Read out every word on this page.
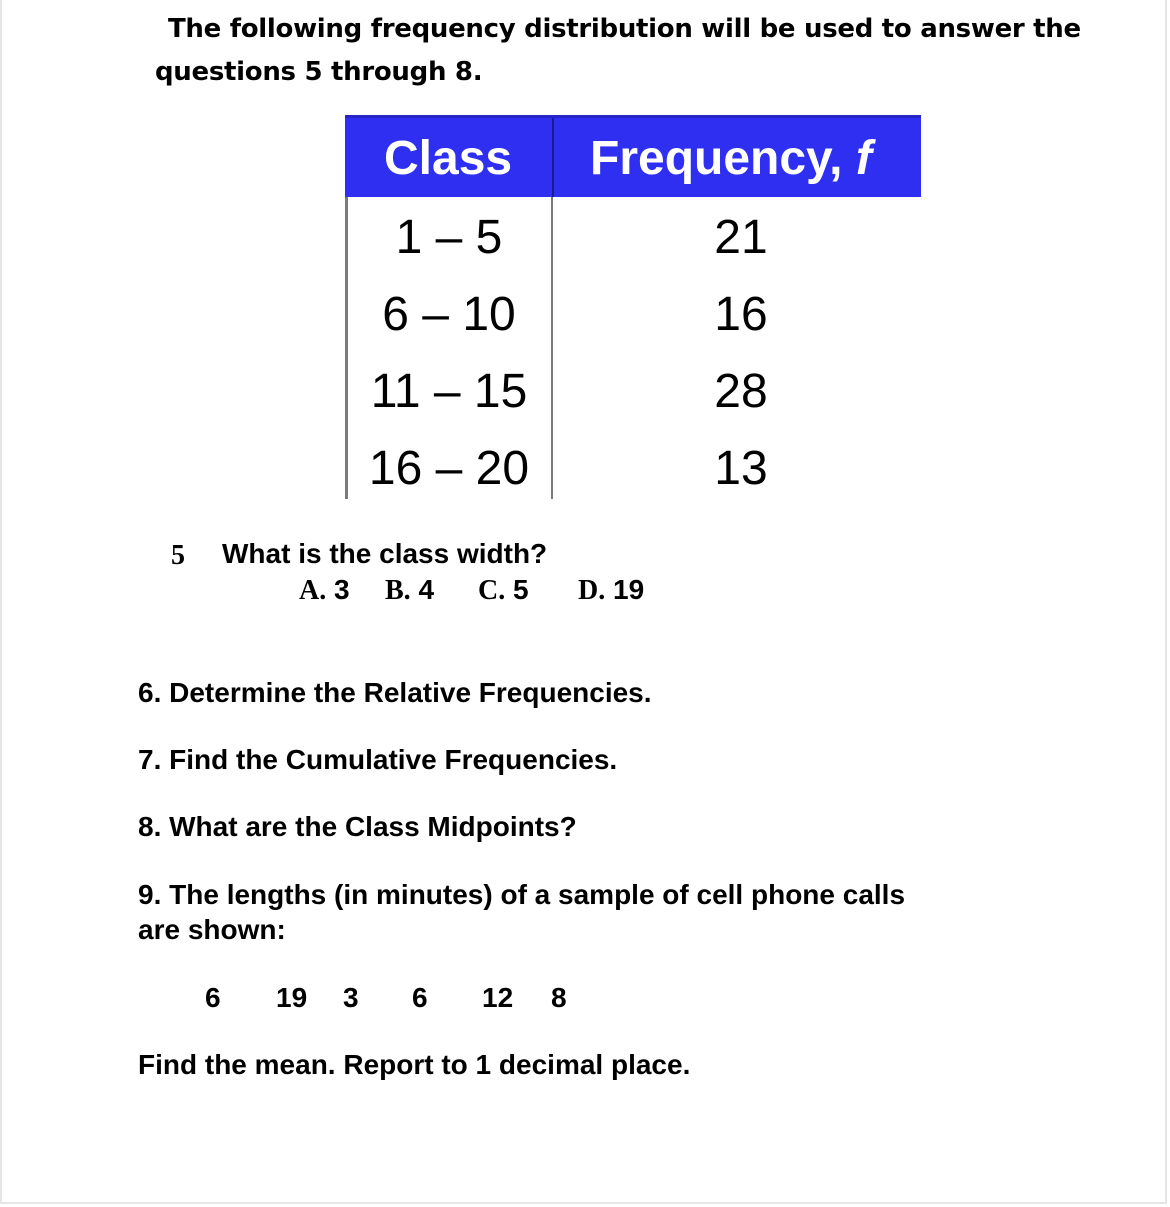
The following frequency distribution will be used to answer the
questions 5 through 8.
Class Frequency, f
1 – 5	21
6 – 10	16
11 – 15	28
16 – 20	13
5 What is the class width?
A. 3 B. 4 C. 5 D. 19
6. Determine the Relative Frequencies.
7. Find the Cumulative Frequencies.
8. What are the Class Midpoints?
9. The lengths (in minutes) of a sample of cell phone calls
are shown:
6 19 3 6 12 8
Find the mean. Report to 1 decimal place.
